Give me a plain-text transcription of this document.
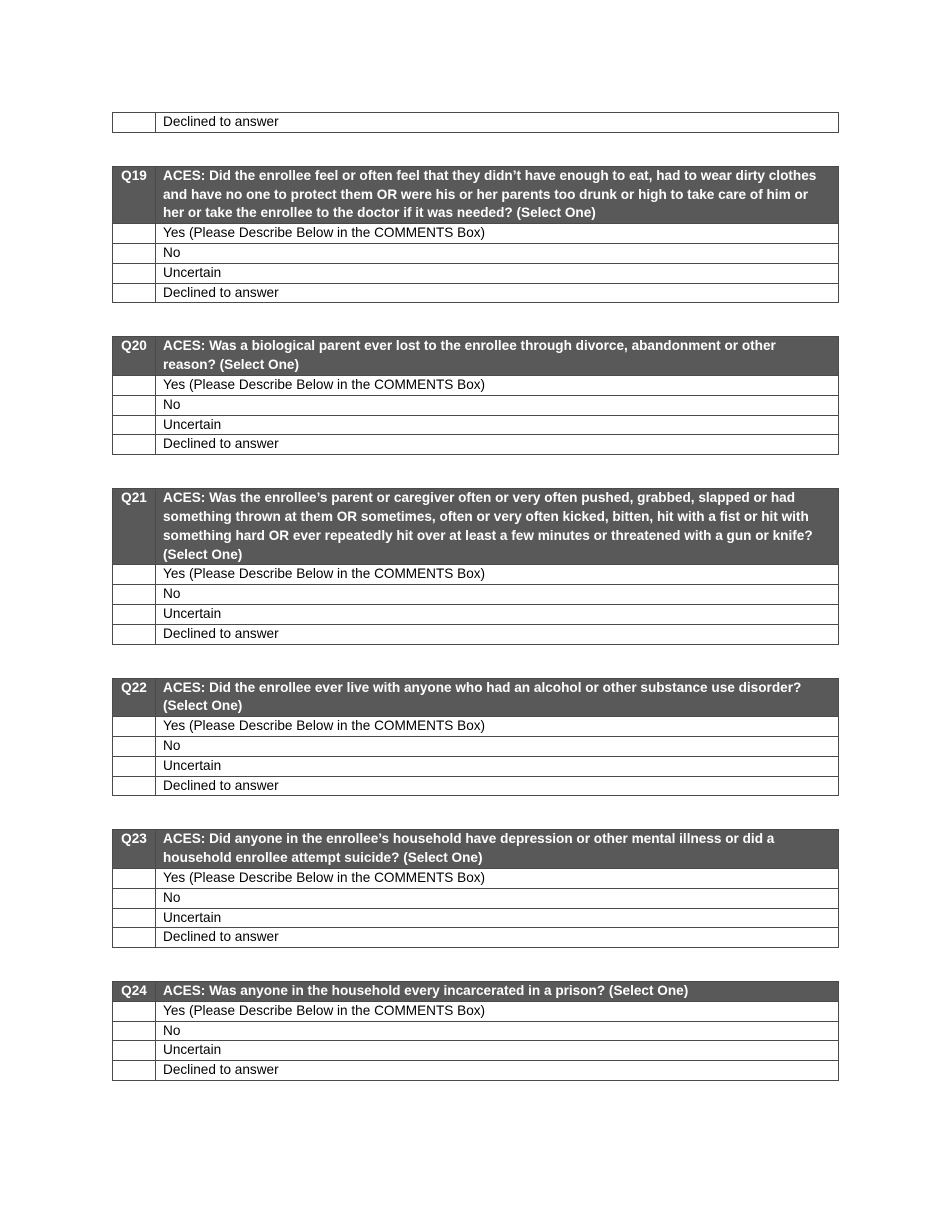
	Declined to answer
Q19	ACES: Did the enrollee feel or often feel that they didn’t have enough to eat, had to wear dirty clothes and have no one to protect them OR were his or her parents too drunk or high to take care of him or her or take the enrollee to the doctor if it was needed? (Select One)
	Yes (Please Describe Below in the COMMENTS Box)
	No
	Uncertain
	Declined to answer
Q20	ACES: Was a biological parent ever lost to the enrollee through divorce, abandonment or other reason? (Select One)
	Yes (Please Describe Below in the COMMENTS Box)
	No
	Uncertain
	Declined to answer
Q21	ACES: Was the enrollee’s parent or caregiver often or very often pushed, grabbed, slapped or had something thrown at them OR sometimes, often or very often kicked, bitten, hit with a fist or hit with something hard OR ever repeatedly hit over at least a few minutes or threatened with a gun or knife? (Select One)
	Yes (Please Describe Below in the COMMENTS Box)
	No
	Uncertain
	Declined to answer
Q22	ACES: Did the enrollee ever live with anyone who had an alcohol or other substance use disorder? (Select One)
	Yes (Please Describe Below in the COMMENTS Box)
	No
	Uncertain
	Declined to answer
Q23	ACES: Did anyone in the enrollee’s household have depression or other mental illness or did a household enrollee attempt suicide? (Select One)
	Yes (Please Describe Below in the COMMENTS Box)
	No
	Uncertain
	Declined to answer
Q24	ACES: Was anyone in the household every incarcerated in a prison? (Select One)
	Yes (Please Describe Below in the COMMENTS Box)
	No
	Uncertain
	Declined to answer
